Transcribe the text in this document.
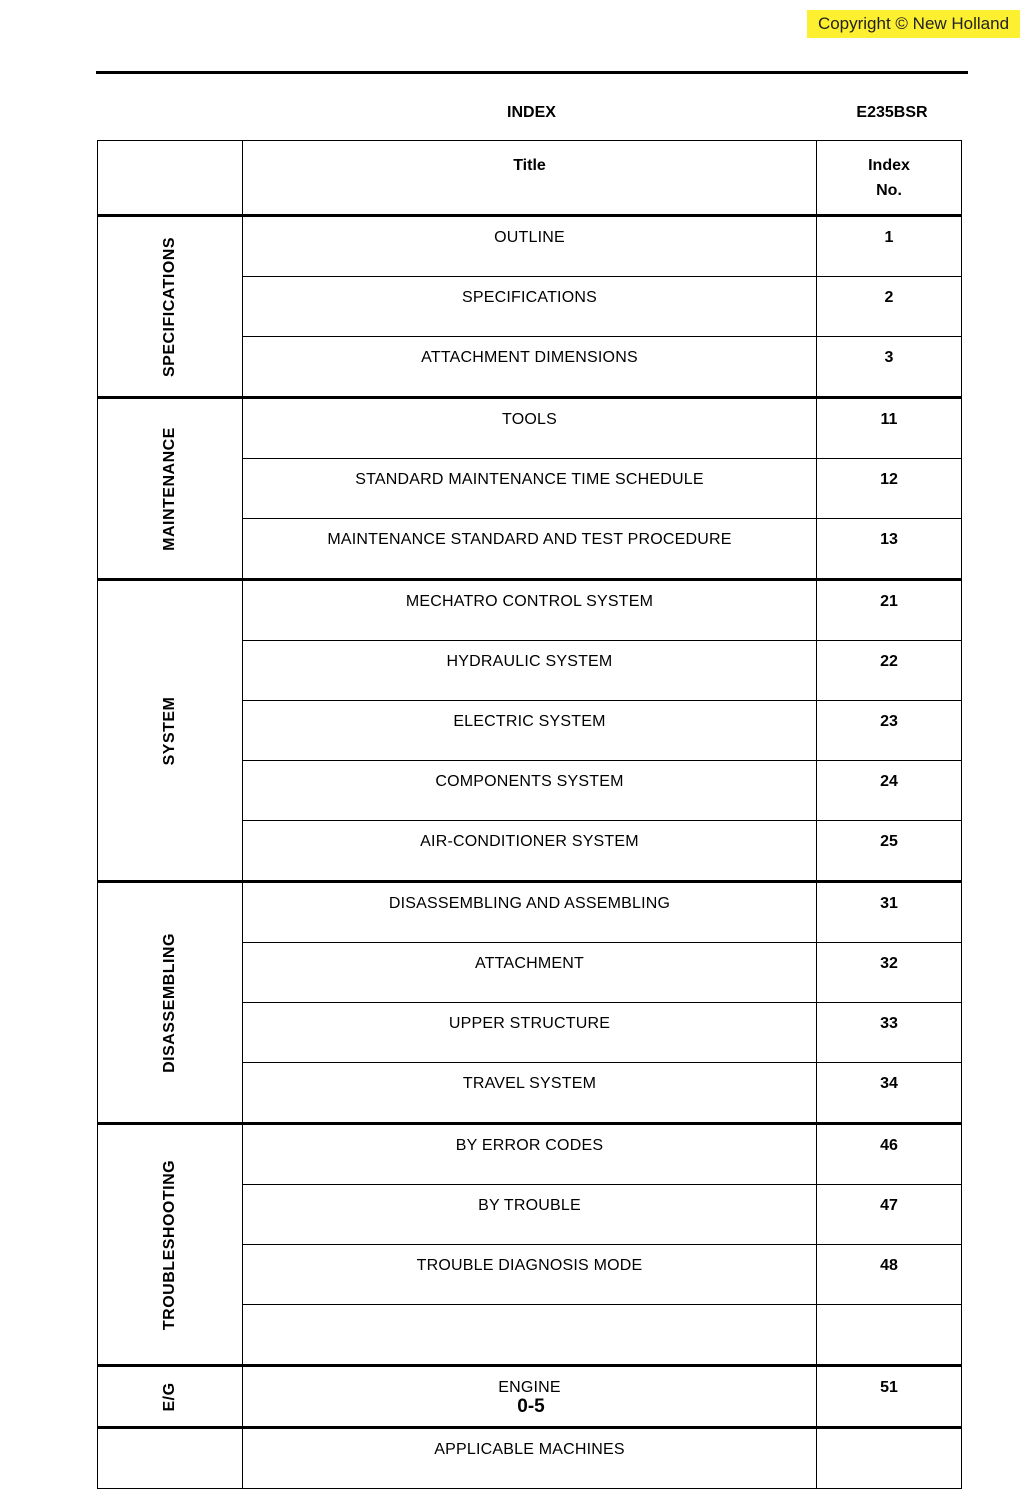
Copyright © New Holland
INDEX	E235BSR

	Title	Index
No.

SPECIFICATIONS	OUTLINE	1
	SPECIFICATIONS	2
	ATTACHMENT DIMENSIONS	3

MAINTENANCE	TOOLS	11
	STANDARD MAINTENANCE TIME SCHEDULE	12
	MAINTENANCE STANDARD AND TEST PROCEDURE	13

SYSTEM	MECHATRO CONTROL SYSTEM	21
	HYDRAULIC SYSTEM	22
	ELECTRIC SYSTEM	23
	COMPONENTS SYSTEM	24
	AIR-CONDITIONER SYSTEM	25

DISASSEMBLING	DISASSEMBLING AND ASSEMBLING	31
	ATTACHMENT	32
	UPPER STRUCTURE	33
	TRAVEL SYSTEM	34

TROUBLESHOOTING	BY ERROR CODES	46
	BY TROUBLE	47
	TROUBLE DIAGNOSIS MODE	48

E/G	ENGINE	51

	APPLICABLE MACHINES	
0-5
